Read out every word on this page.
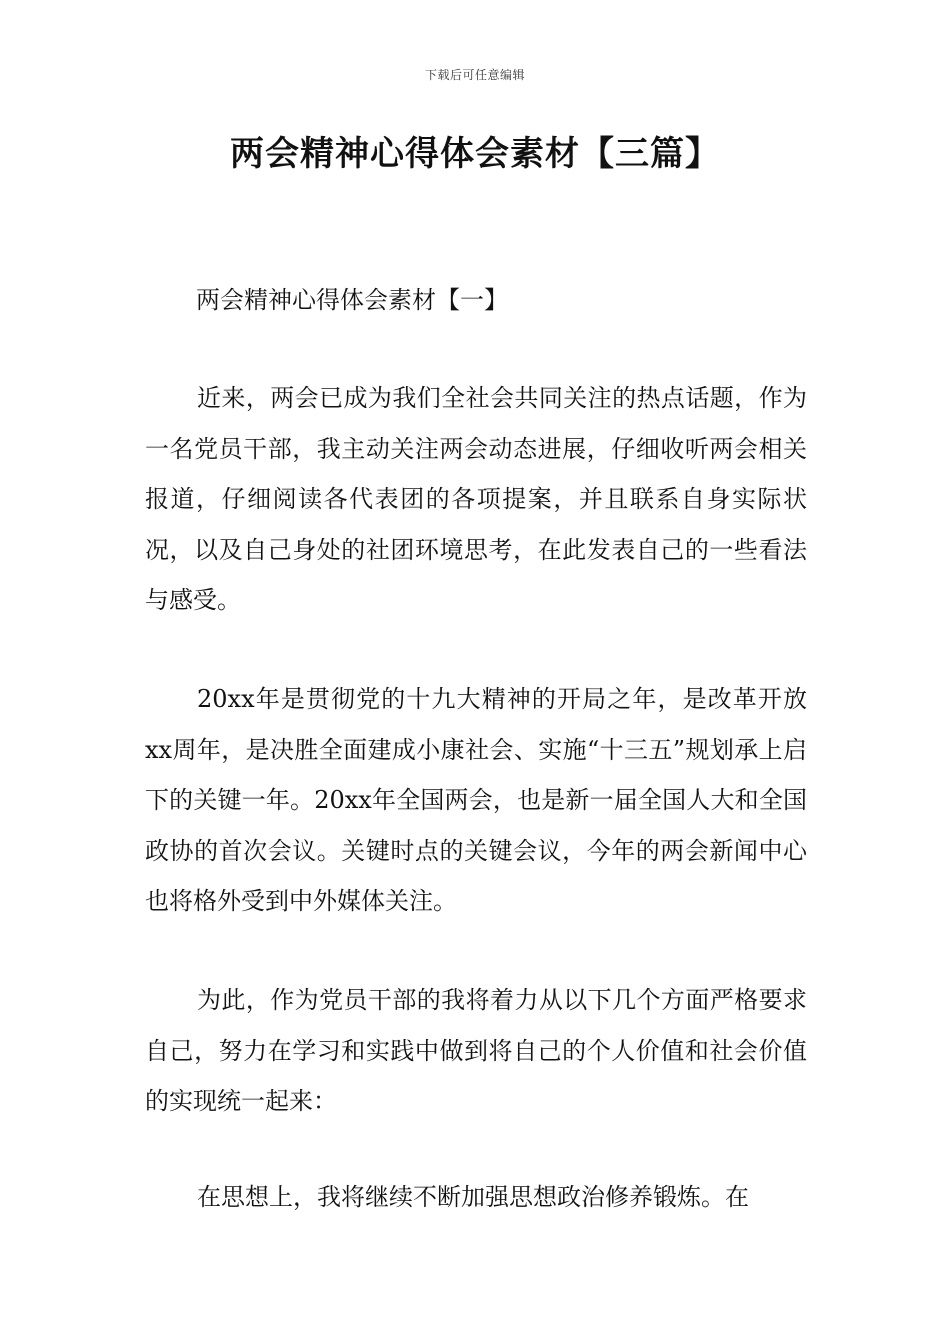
下载后可任意编辑
两会精神心得体会素材【三篇】
两会精神心得体会素材【一】

近来，两会已成为我们全社会共同关注的热点话题，作为一名党员干部，我主动关注两会动态进展，仔细收听两会相关报道，仔细阅读各代表团的各项提案，并且联系自身实际状况，以及自己身处的社团环境思考，在此发表自己的一些看法与感受。

20xx年是贯彻党的十九大精神的开局之年，是改革开放xx周年，是决胜全面建成小康社会、实施“十三五”规划承上启下的关键一年。20xx年全国两会，也是新一届全国人大和全国政协的首次会议。关键时点的关键会议，今年的两会新闻中心也将格外受到中外媒体关注。

为此，作为党员干部的我将着力从以下几个方面严格要求自己，努力在学习和实践中做到将自己的个人价值和社会价值的实现统一起来：

在思想上，我将继续不断加强思想政治修养锻炼。在
